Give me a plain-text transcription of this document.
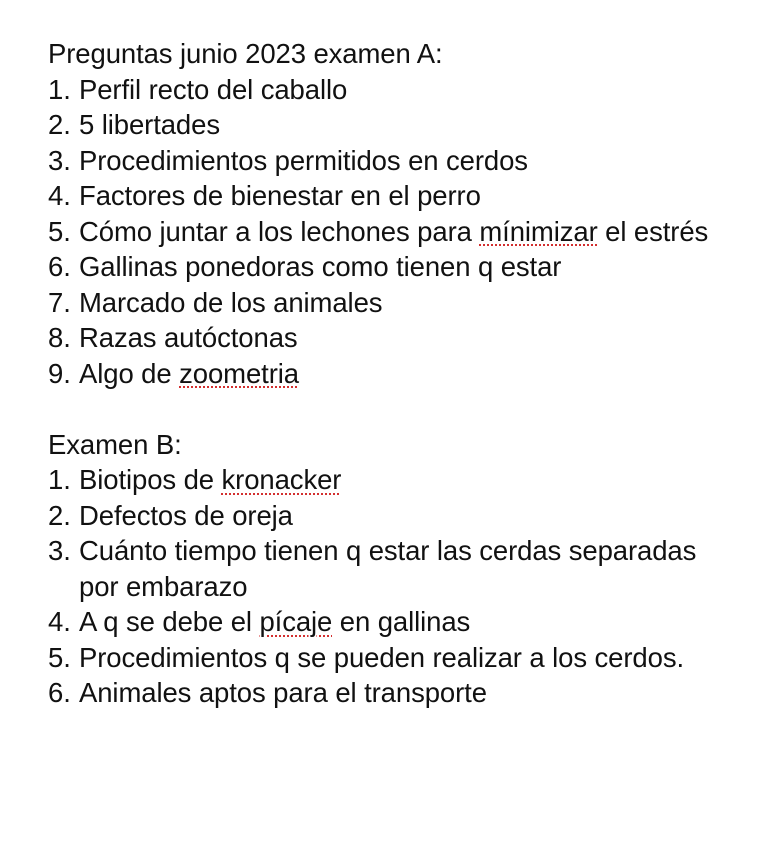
Preguntas junio 2023 examen A:
1. Perfil recto del caballo
2. 5 libertades
3. Procedimientos permitidos en cerdos
4. Factores de bienestar en el perro
5. Cómo juntar a los lechones para mínimizar el estrés
6. Gallinas ponedoras como tienen q estar
7. Marcado de los animales
8. Razas autóctonas
9. Algo de zoometria
Examen B:
1. Biotipos de kronacker
2. Defectos de oreja
3. Cuánto tiempo tienen q estar las cerdas separadas por embarazo
4. A q se debe el pícaje en gallinas
5. Procedimientos q se pueden realizar a los cerdos.
6. Animales aptos para el transporte
